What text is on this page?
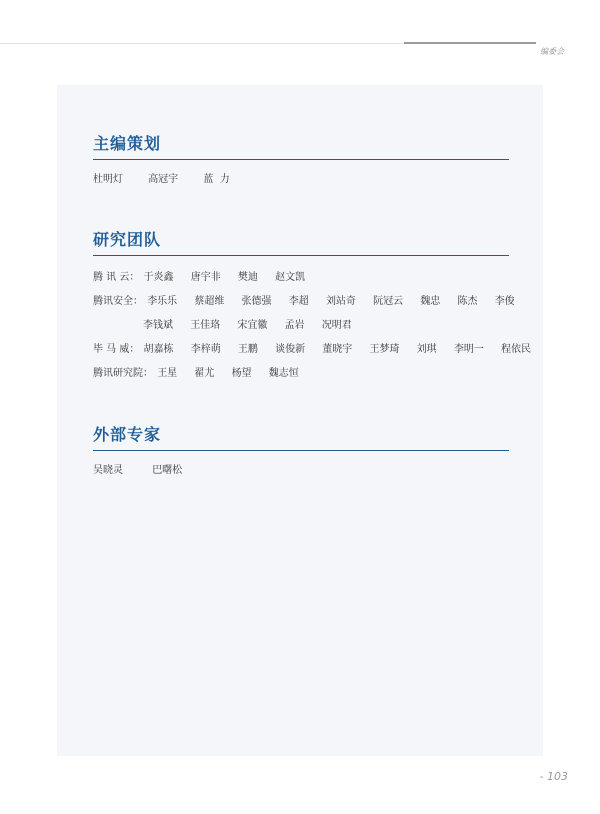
编委会
主编策划
杜明灯	高冠宇	蓝  力
研究团队
腾 讯 云： 于炎鑫 唐宇非 樊迪 赵文凯
腾讯安全： 李乐乐 蔡超维 张德强 李超 刘站奇 阮冠云 魏忠 陈杰 李俊
李钱斌 王佳珞 宋宜徽 孟岩 况明君
毕 马 威： 胡嘉栋 李梓萌 王鹏 谈俊新 董晓宇 王梦琦 刘琪 李明一 程依民
腾讯研究院： 王星 翟尤 杨望 魏志恒
外部专家
吴晓灵	巴曙松
- 103
